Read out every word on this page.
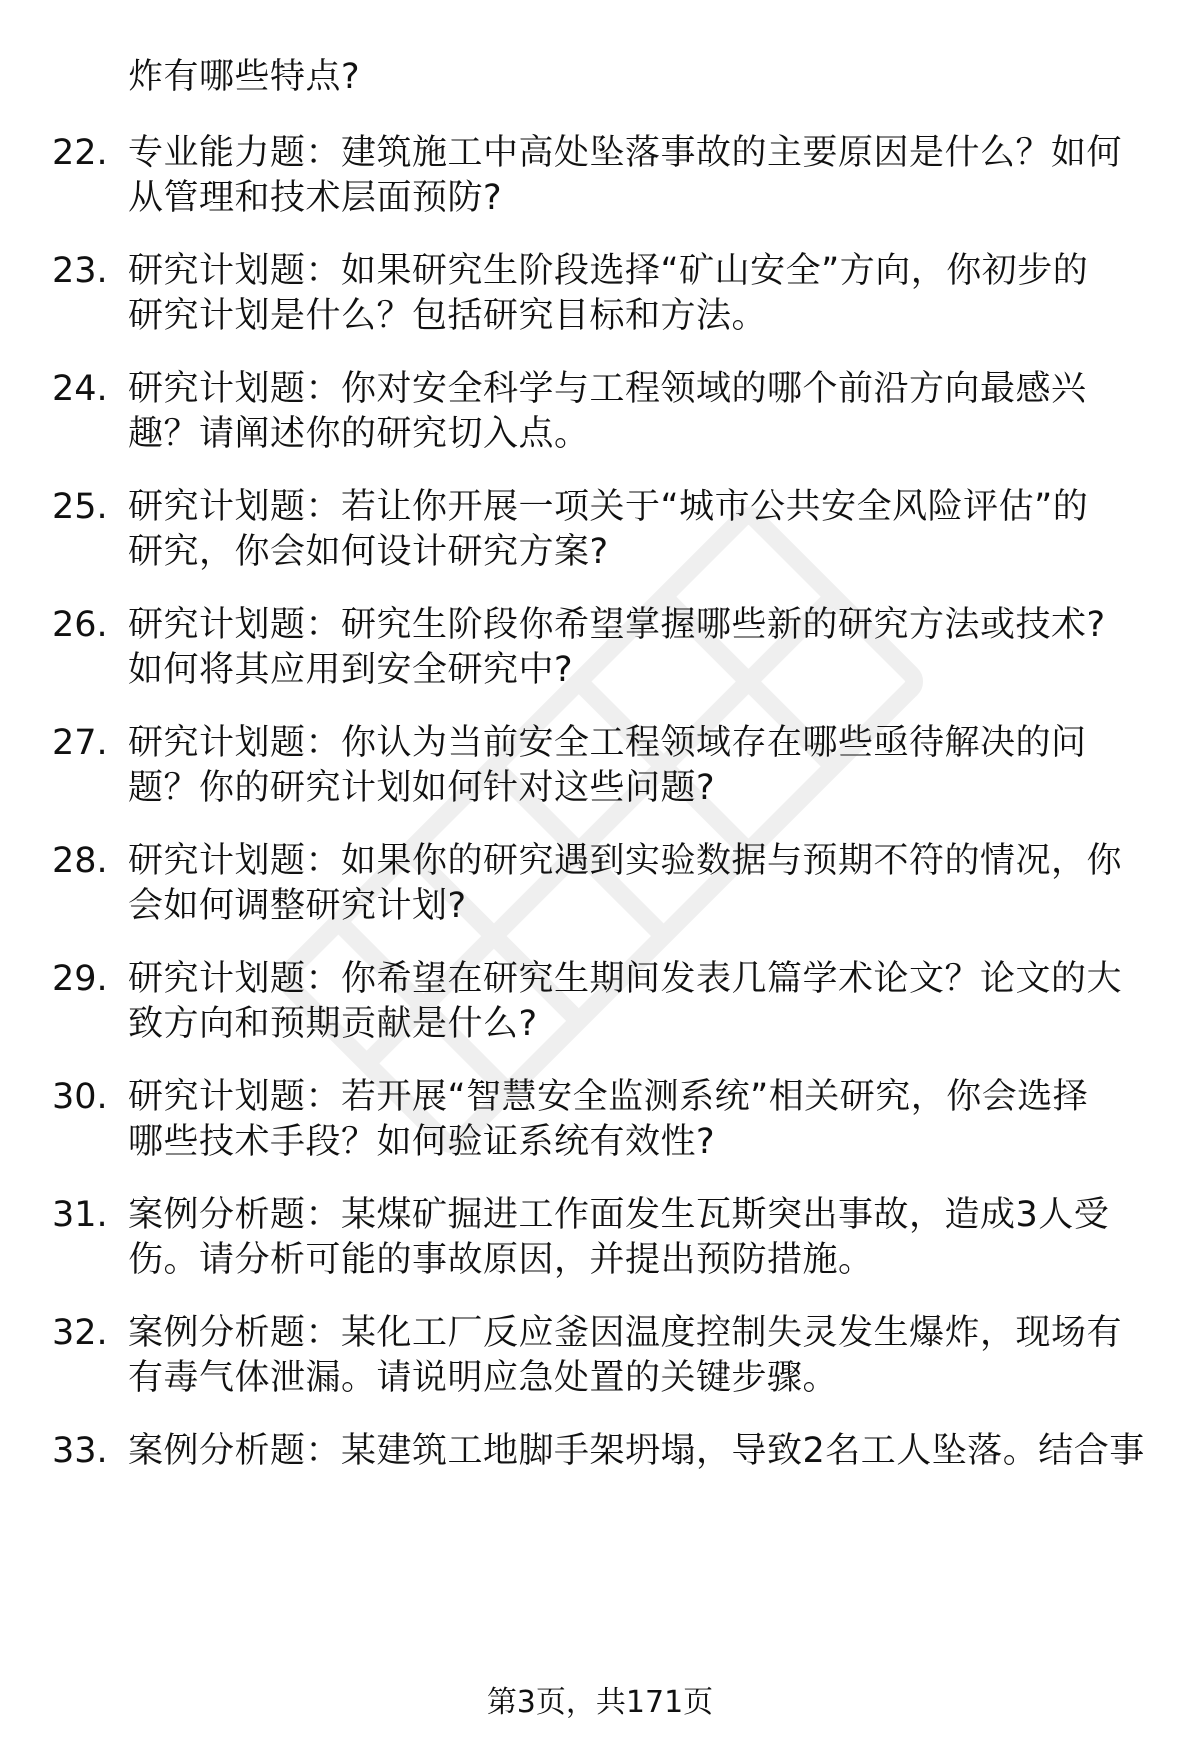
炸有哪些特点?
22. 专业能力题：建筑施工中高处坠落事故的主要原因是什么？如何
从管理和技术层面预防?
23. 研究计划题：如果研究生阶段选择“矿山安全”方向，你初步的
研究计划是什么？包括研究目标和方法。
24. 研究计划题：你对安全科学与工程领域的哪个前沿方向最感兴
趣？请阐述你的研究切入点。
25. 研究计划题：若让你开展一项关于“城市公共安全风险评估”的
研究，你会如何设计研究方案?
26. 研究计划题：研究生阶段你希望掌握哪些新的研究方法或技术?
如何将其应用到安全研究中?
27. 研究计划题：你认为当前安全工程领域存在哪些亟待解决的问
题？你的研究计划如何针对这些问题?
28. 研究计划题：如果你的研究遇到实验数据与预期不符的情况，你
会如何调整研究计划?
29. 研究计划题：你希望在研究生期间发表几篇学术论文？论文的大
致方向和预期贡献是什么?
30. 研究计划题：若开展“智慧安全监测系统”相关研究，你会选择
哪些技术手段？如何验证系统有效性?
31. 案例分析题：某煤矿掘进工作面发生瓦斯突出事故，造成3人受
伤。请分析可能的事故原因，并提出预防措施。
32. 案例分析题：某化工厂反应釜因温度控制失灵发生爆炸，现场有
有毒气体泄漏。请说明应急处置的关键步骤。
33. 案例分析题：某建筑工地脚手架坍塌，导致2名工人坠落。结合事
第3页，共171页
